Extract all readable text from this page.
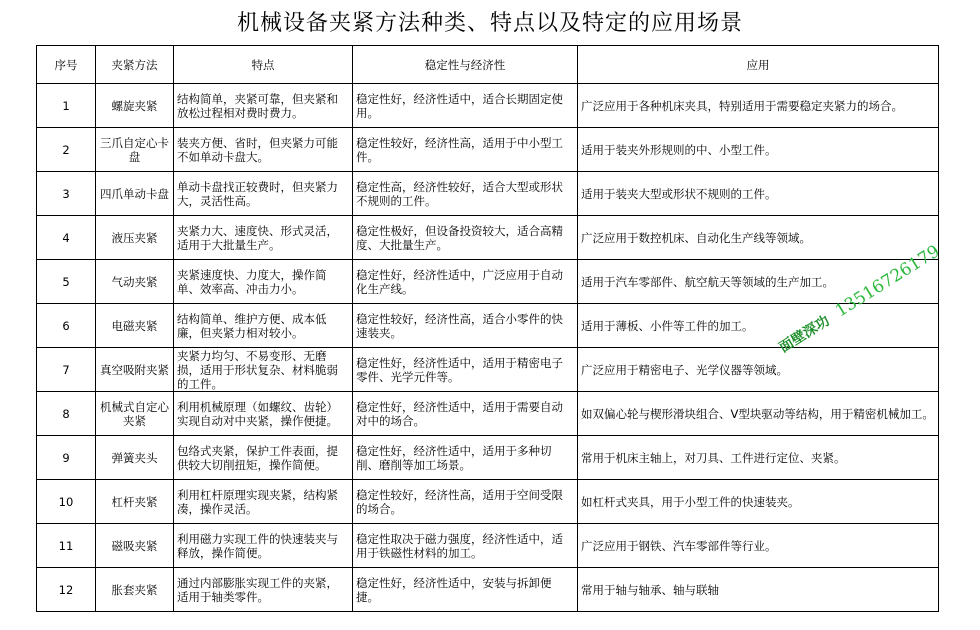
机械设备夹紧方法种类、特点以及特定的应用场景
序号	夹紧方法	特点	稳定性与经济性	应用
1	螺旋夹紧	结构简单，夹紧可靠，但夹紧和放松过程相对费时费力。	稳定性好，经济性适中，适合长期固定使用。	广泛应用于各种机床夹具，特别适用于需要稳定夹紧力的场合。
2	三爪自定心卡盘	装夹方便、省时，但夹紧力可能不如单动卡盘大。	稳定性较好，经济性高，适用于中小型工件。	适用于装夹外形规则的中、小型工件。
3	四爪单动卡盘	单动卡盘找正较费时，但夹紧力大，灵活性高。	稳定性高，经济性较好，适合大型或形状不规则的工件。	适用于装夹大型或形状不规则的工件。
4	液压夹紧	夹紧力大、速度快、形式灵活，适用于大批量生产。	稳定性极好，但设备投资较大，适合高精度、大批量生产。	广泛应用于数控机床、自动化生产线等领域。
5	气动夹紧	夹紧速度快、力度大，操作简单、效率高、冲击力小。	稳定性好，经济性适中，广泛应用于自动化生产线。	适用于汽车零部件、航空航天等领域的生产加工。
6	电磁夹紧	结构简单、维护方便、成本低廉，但夹紧力相对较小。	稳定性较好，经济性高，适合小零件的快速装夹。	适用于薄板、小件等工件的加工。
7	真空吸附夹紧	夹紧力均匀、不易变形、无磨损，适用于形状复杂、材料脆弱的工件。	稳定性好，经济性适中，适用于精密电子零件、光学元件等。	广泛应用于精密电子、光学仪器等领域。
8	机械式自定心夹紧	利用机械原理（如螺纹、齿轮）实现自动对中夹紧，操作便捷。	稳定性好，经济性适中，适用于需要自动对中的场合。	如双偏心轮与楔形滑块组合、V型块驱动等结构，用于精密机械加工。
9	弹簧夹头	包络式夹紧，保护工件表面，提供较大切削扭矩，操作简便。	稳定性好，经济性适中，适用于多种切削、磨削等加工场景。	常用于机床主轴上，对刀具、工件进行定位、夹紧。
10	杠杆夹紧	利用杠杆原理实现夹紧，结构紧凑，操作灵活。	稳定性较好，经济性高，适用于空间受限的场合。	如杠杆式夹具，用于小型工件的快速装夹。
11	磁吸夹紧	利用磁力实现工件的快速装夹与释放，操作简便。	稳定性取决于磁力强度，经济性适中，适用于铁磁性材料的加工。	广泛应用于钢铁、汽车零部件等行业。
12	胀套夹紧	通过内部膨胀实现工件的夹紧，适用于轴类零件。	稳定性好，经济性适中，安装与拆卸便捷。	常用于轴与轴承、轴与联轴
面壁深功 13516726179
